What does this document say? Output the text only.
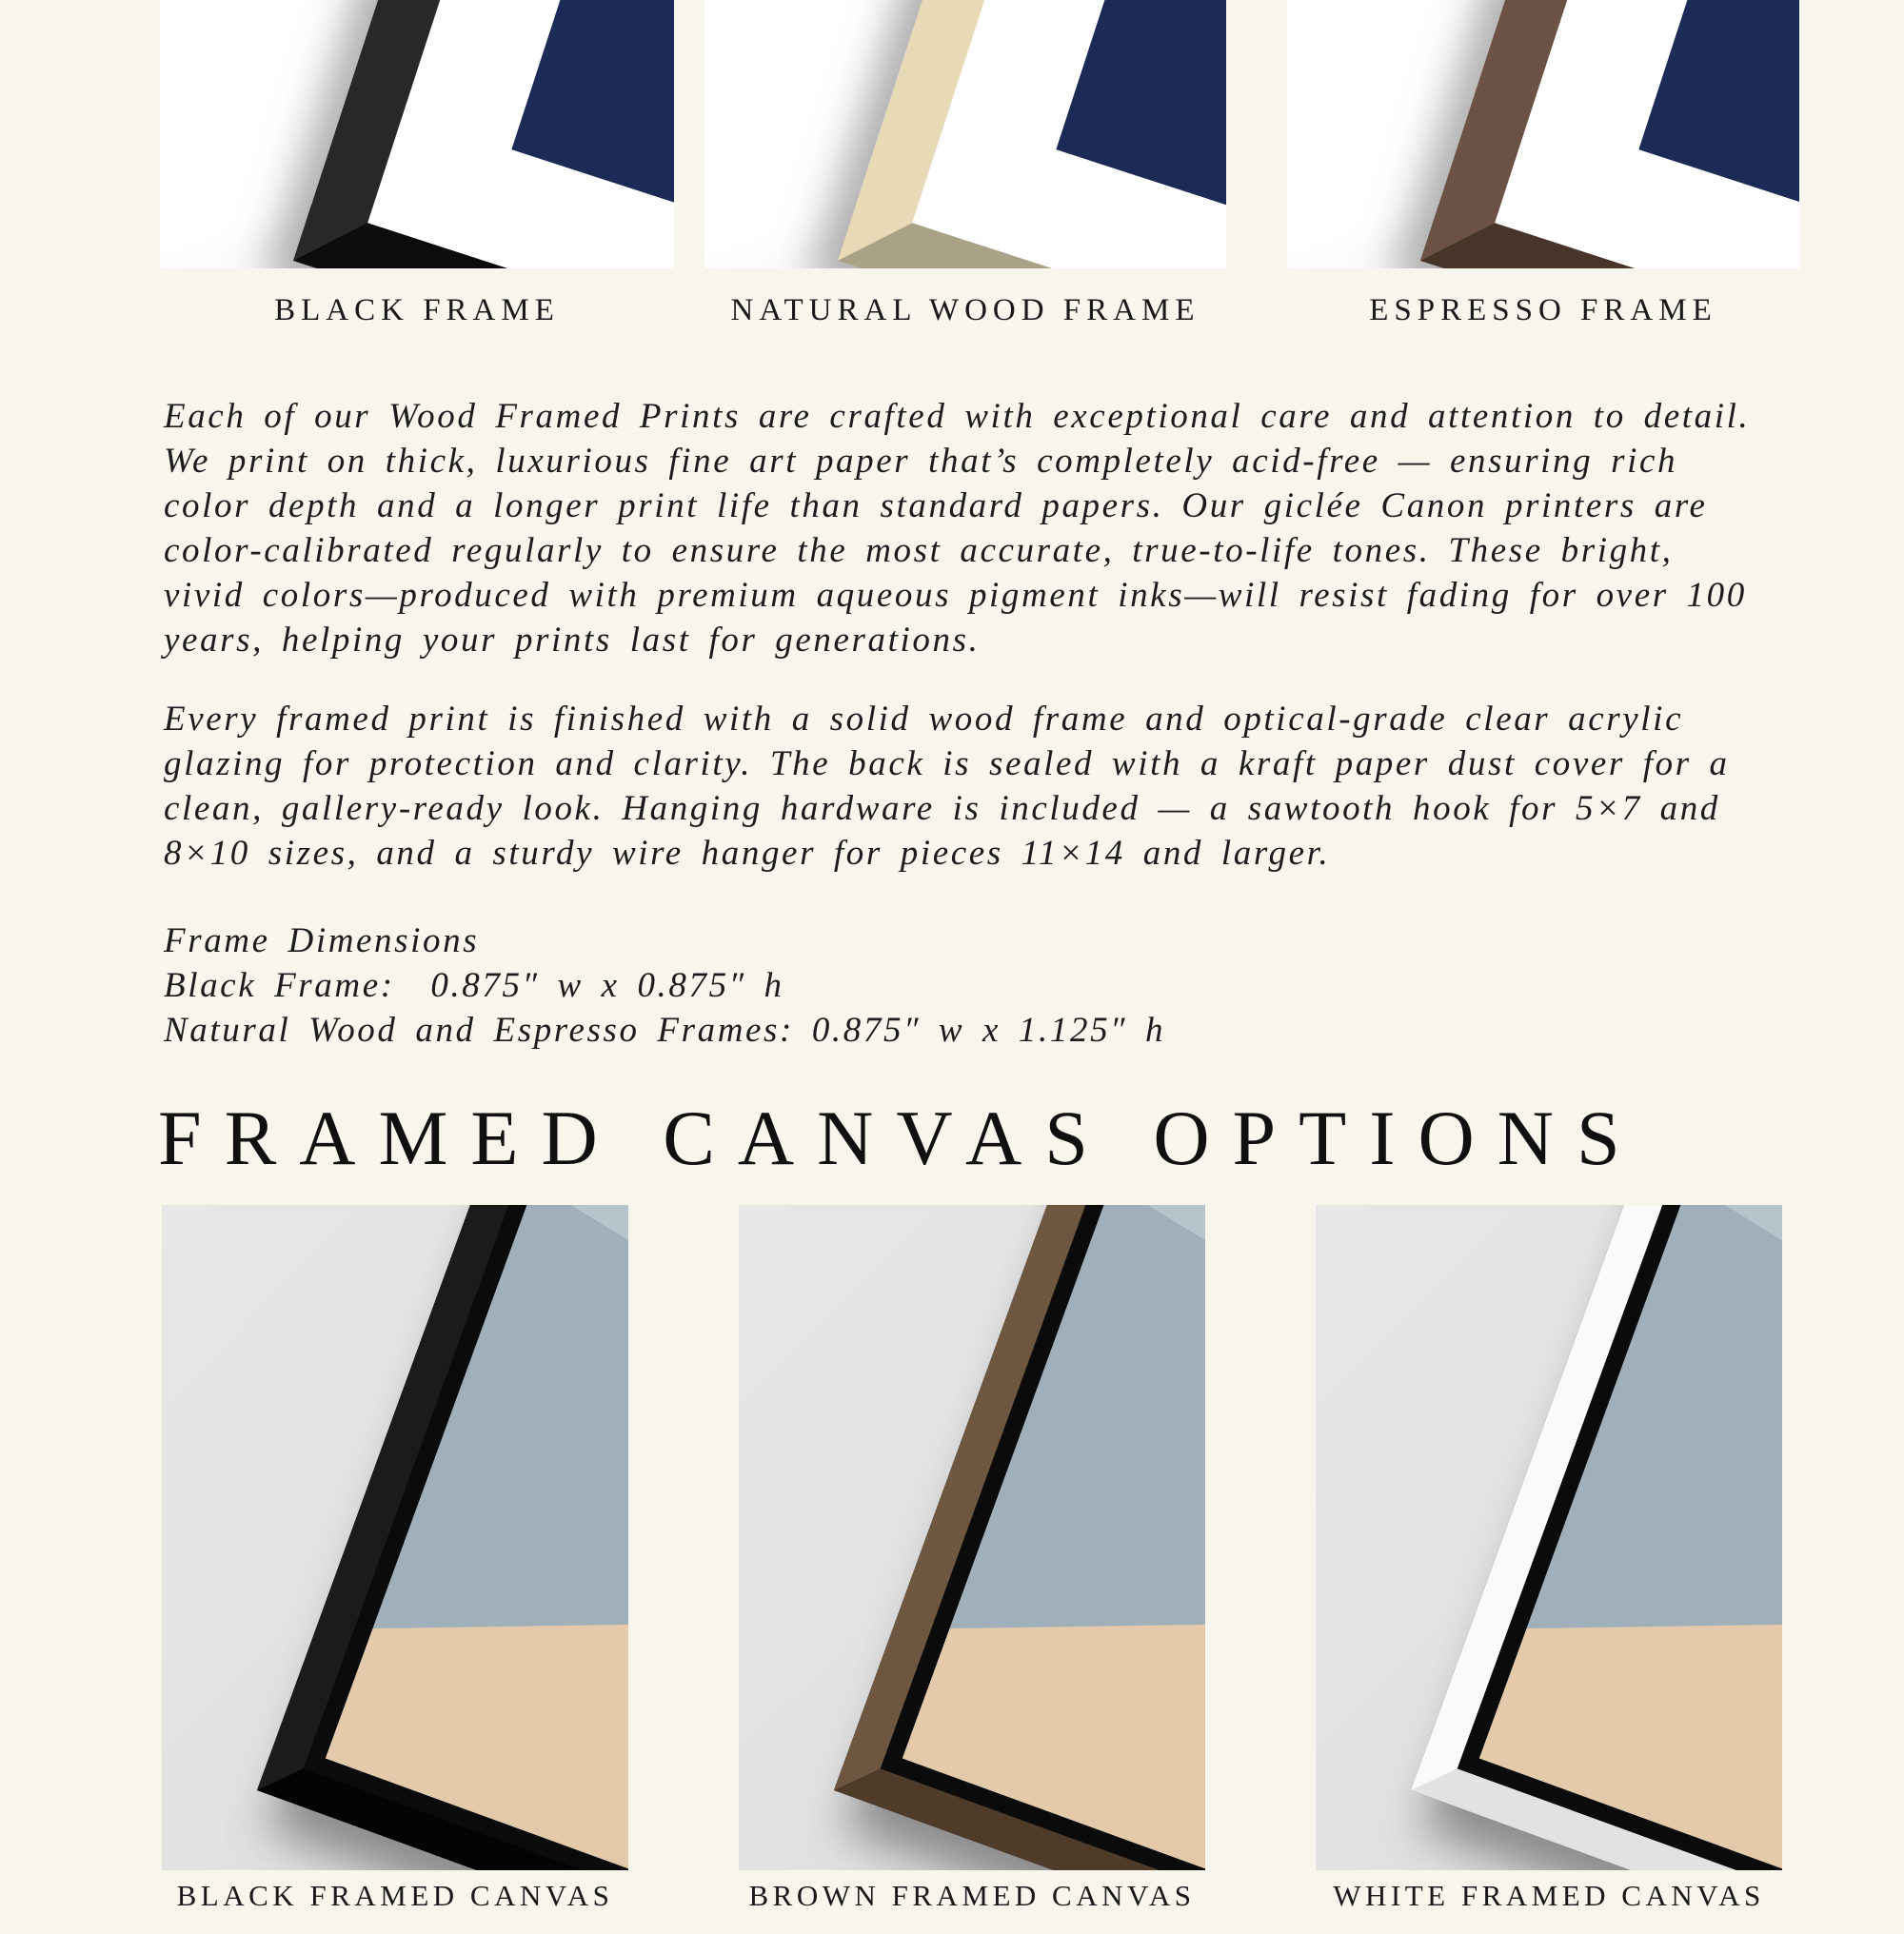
BLACK FRAME	NATURAL WOOD FRAME	ESPRESSO FRAME
Each of our Wood Framed Prints are crafted with exceptional care and attention to detail. We print on thick, luxurious fine art paper that’s completely acid-free — ensuring rich color depth and a longer print life than standard papers. Our giclée Canon printers are color-calibrated regularly to ensure the most accurate, true-to-life tones. These bright, vivid colors—produced with premium aqueous pigment inks—will resist fading for over 100 years, helping your prints last for generations.
Every framed print is finished with a solid wood frame and optical-grade clear acrylic glazing for protection and clarity. The back is sealed with a kraft paper dust cover for a clean, gallery-ready look. Hanging hardware is included — a sawtooth hook for 5×7 and 8×10 sizes, and a sturdy wire hanger for pieces 11×14 and larger.
Frame Dimensions
Black Frame:  0.875″ w x 0.875″ h
Natural Wood and Espresso Frames: 0.875″ w x 1.125″ h
FRAMED CANVAS OPTIONS
BLACK FRAMED CANVAS	BROWN FRAMED CANVAS	WHITE FRAMED CANVAS
